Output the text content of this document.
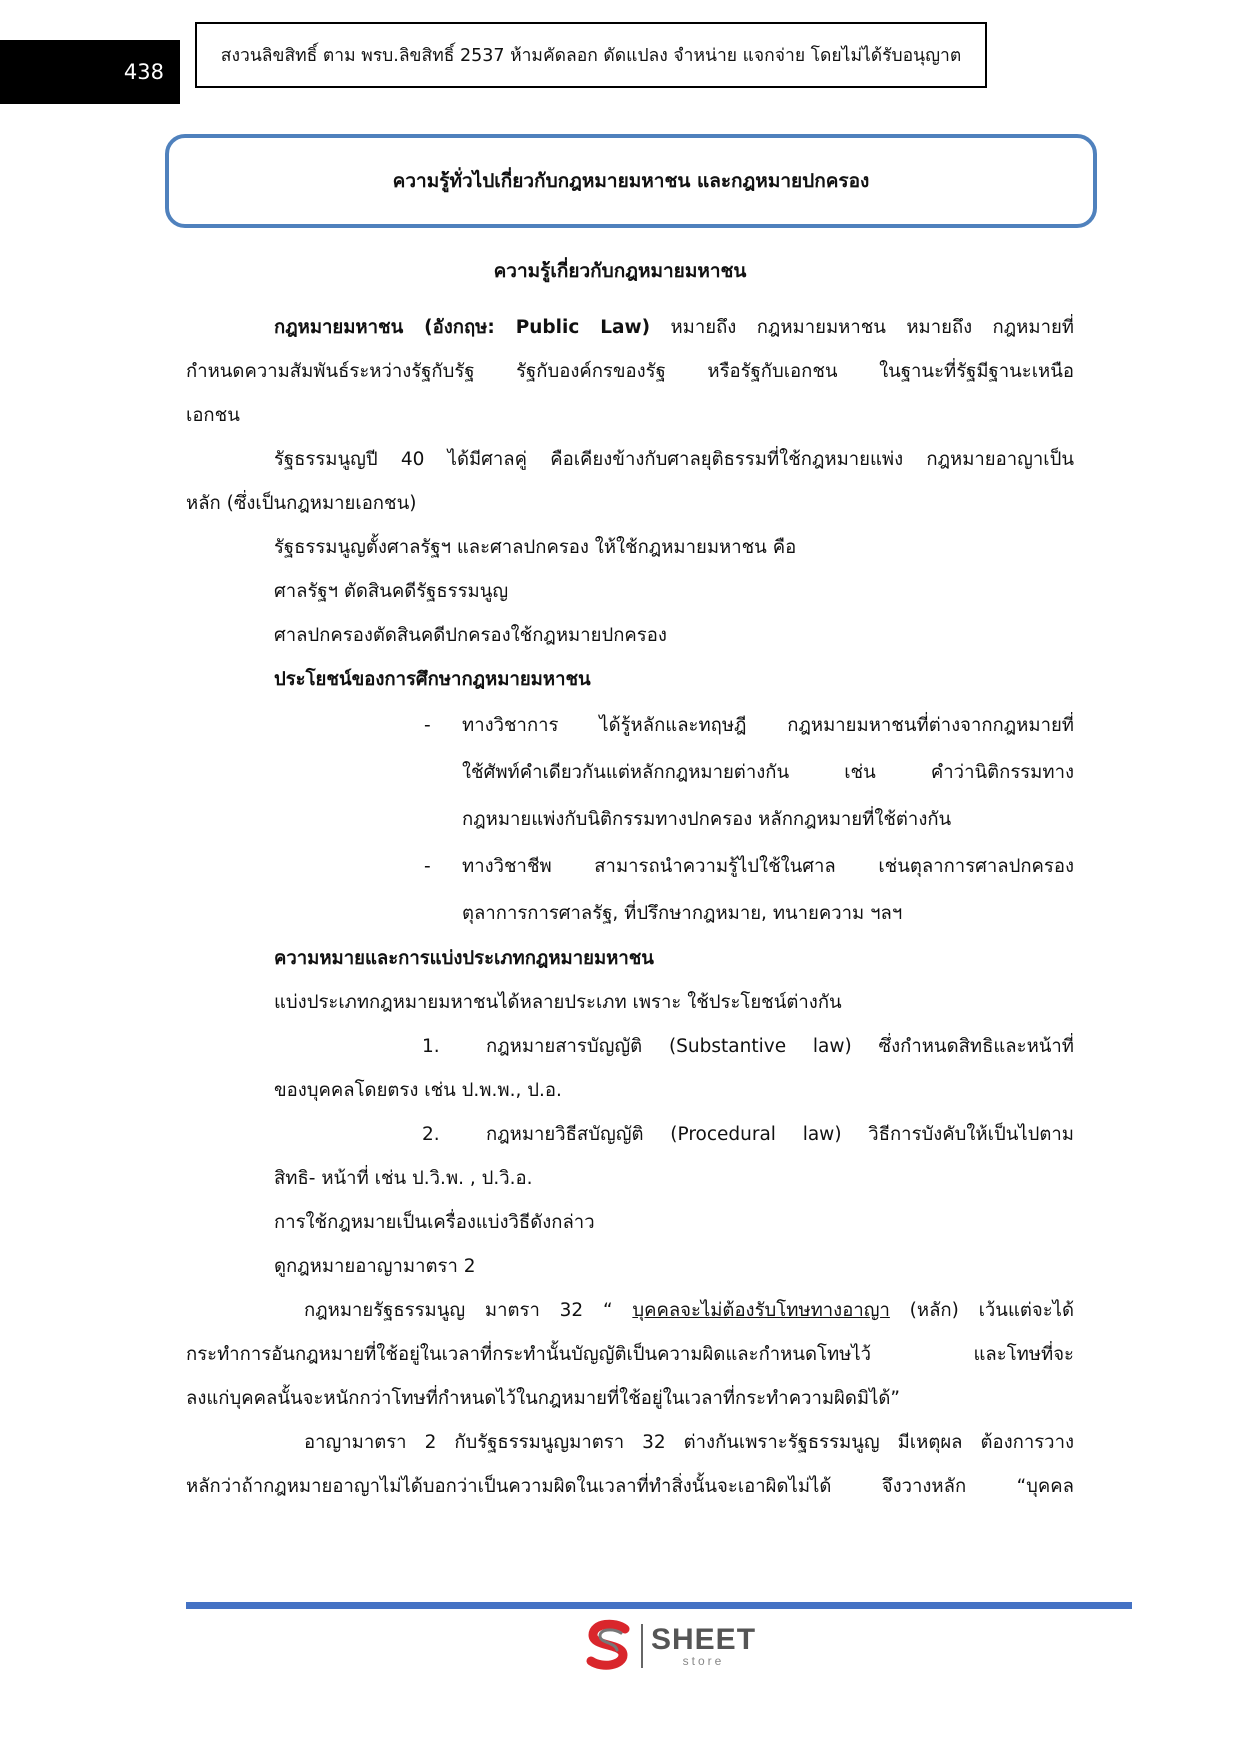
438
สงวนลิขสิทธิ์ ตาม พรบ.ลิขสิทธิ์ 2537 ห้ามคัดลอก ดัดแปลง จำหน่าย แจกจ่าย โดยไม่ได้รับอนุญาต
ความรู้ทั่วไปเกี่ยวกับกฎหมายมหาชน และกฎหมายปกครอง
ความรู้เกี่ยวกับกฎหมายมหาชน

กฎหมายมหาชน (อังกฤษ: Public Law) หมายถึง กฎหมายมหาชน หมายถึง กฎหมายที่

กำหนดความสัมพันธ์ระหว่างรัฐกับรัฐ รัฐกับองค์กรของรัฐ หรือรัฐกับเอกชน ในฐานะที่รัฐมีฐานะเหนือ

เอกชน

รัฐธรรมนูญปี 40 ได้มีศาลคู่ คือเคียงข้างกับศาลยุติธรรมที่ใช้กฎหมายแพ่ง กฎหมายอาญาเป็น

หลัก (ซึ่งเป็นกฎหมายเอกชน)

รัฐธรรมนูญตั้งศาลรัฐฯ และศาลปกครอง ให้ใช้กฎหมายมหาชน คือ

ศาลรัฐฯ ตัดสินคดีรัฐธรรมนูญ

ศาลปกครองตัดสินคดีปกครองใช้กฎหมายปกครอง

ประโยชน์ของการศึกษากฎหมายมหาชน

-	ทางวิชาการ ได้รู้หลักและทฤษฎี กฎหมายมหาชนที่ต่างจากกฎหมายที่

ใช้ศัพท์คำเดียวกันแต่หลักกฎหมายต่างกัน เช่น คำว่านิติกรรมทาง

กฎหมายแพ่งกับนิติกรรมทางปกครอง หลักกฎหมายที่ใช้ต่างกัน

-	ทางวิชาชีพ สามารถนำความรู้ไปใช้ในศาล เช่นตุลาการศาลปกครอง

ตุลาการการศาลรัฐ, ที่ปรึกษากฎหมาย, ทนายความ ฯลฯ

ความหมายและการแบ่งประเภทกฎหมายมหาชน

แบ่งประเภทกฎหมายมหาชนได้หลายประเภท เพราะ ใช้ประโยชน์ต่างกัน

1.	กฎหมายสารบัญญัติ (Substantive law) ซึ่งกำหนดสิทธิและหน้าที่

ของบุคคลโดยตรง เช่น ป.พ.พ., ป.อ.

2.	กฎหมายวิธีสบัญญัติ (Procedural law) วิธีการบังคับให้เป็นไปตาม

สิทธิ- หน้าที่ เช่น ป.วิ.พ. , ป.วิ.อ.

การใช้กฎหมายเป็นเครื่องแบ่งวิธีดังกล่าว

ดูกฎหมายอาญามาตรา 2

กฎหมายรัฐธรรมนูญ มาตรา 32 “ บุคคลจะไม่ต้องรับโทษทางอาญา (หลัก) เว้นแต่จะได้

กระทำการอันกฎหมายที่ใช้อยู่ในเวลาที่กระทำนั้นบัญญัติเป็นความผิดและกำหนดโทษไว้ และโทษที่จะ

ลงแก่บุคคลนั้นจะหนักกว่าโทษที่กำหนดไว้ในกฎหมายที่ใช้อยู่ในเวลาที่กระทำความผิดมิได้”

อาญามาตรา 2 กับรัฐธรรมนูญมาตรา 32 ต่างกันเพราะรัฐธรรมนูญ มีเหตุผล ต้องการวาง

หลักว่าถ้ากฎหมายอาญาไม่ได้บอกว่าเป็นความผิดในเวลาที่ทำสิ่งนั้นจะเอาผิดไม่ได้ จึงวางหลัก “บุคคล

SHEET
store
